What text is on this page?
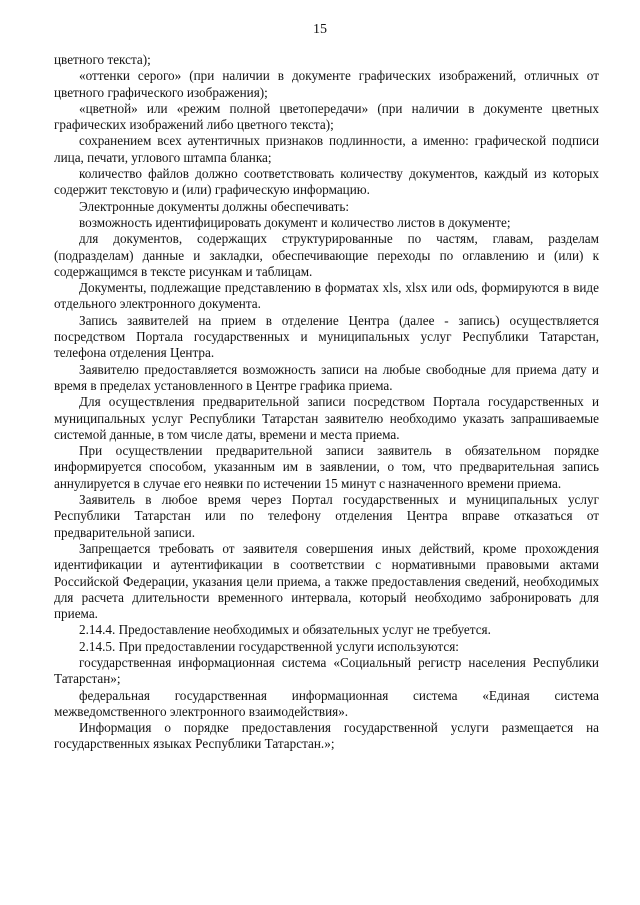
15

цветного текста);

«оттенки серого» (при наличии в документе графических изображений, отличных от цветного графического изображения);

«цветной» или «режим полной цветопередачи» (при наличии в документе цветных графических изображений либо цветного текста);

сохранением всех аутентичных признаков подлинности, а именно: графической подписи лица, печати, углового штампа бланка;

количество файлов должно соответствовать количеству документов, каждый из которых содержит текстовую и (или) графическую информацию.

Электронные документы должны обеспечивать:

возможность идентифицировать документ и количество листов в документе;

для документов, содержащих структурированные по частям, главам, разделам (подразделам) данные и закладки, обеспечивающие переходы по оглавлению и (или) к содержащимся в тексте рисункам и таблицам.

Документы, подлежащие представлению в форматах xls, xlsx или ods, формируются в виде отдельного электронного документа.

Запись заявителей на прием в отделение Центра (далее - запись) осуществляется посредством Портала государственных и муниципальных услуг Республики Татарстан, телефона отделения Центра.

Заявителю предоставляется возможность записи на любые свободные для приема дату и время в пределах установленного в Центре графика приема.

Для осуществления предварительной записи посредством Портала государственных и муниципальных услуг Республики Татарстан заявителю необходимо указать запрашиваемые системой данные, в том числе даты, времени и места приема.

При осуществлении предварительной записи заявитель в обязательном порядке информируется способом, указанным им в заявлении, о том, что предварительная запись аннулируется в случае его неявки по истечении 15 минут с назначенного времени приема.

Заявитель в любое время через Портал государственных и муниципальных услуг Республики Татарстан или по телефону отделения Центра вправе отказаться от предварительной записи.

Запрещается требовать от заявителя совершения иных действий, кроме прохождения идентификации и аутентификации в соответствии с нормативными правовыми актами Российской Федерации, указания цели приема, а также предоставления сведений, необходимых для расчета длительности временного интервала, который необходимо забронировать для приема.

2.14.4. Предоставление необходимых и обязательных услуг не требуется.

2.14.5. При предоставлении государственной услуги используются:

государственная информационная система «Социальный регистр населения Республики Татарстан»;

федеральная государственная информационная система «Единая система межведомственного электронного взаимодействия».

Информация о порядке предоставления государственной услуги размещается на государственных языках Республики Татарстан.»;
